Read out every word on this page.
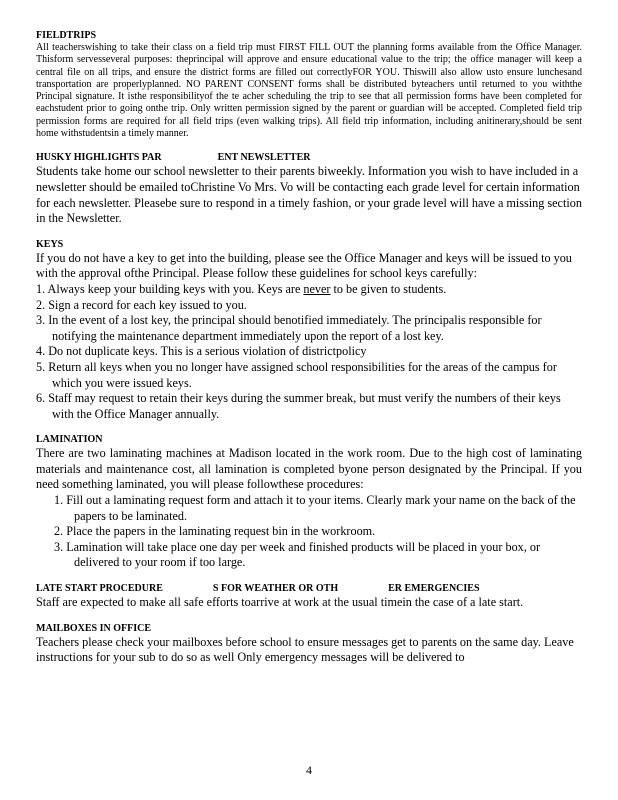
FIELDTRIPS

All teacherswishing to take their class on a field trip must FIRST FILL OUT the planning forms available from the Office Manager. Thisform servesseveral purposes: theprincipal will approve and ensure educational value to the trip; the office manager will keep a central file on all trips, and ensure the district forms are filled out correctlyFOR YOU. Thiswill also allow usto ensure lunchesand transportation are properlyplanned. NO PARENT CONSENT forms shall be distributed byteachers until returned to you withthe Principal signature. It isthe responsibilityof the te acher scheduling the trip to see that all permission forms have been completed for eachstudent prior to going onthe trip. Only written permission signed by the parent or guardian will be accepted. Completed field trip permission forms are required for all field trips (even walking trips). All field trip information, including anitinerary,should be sent home withstudentsin a timely manner.

HUSKY HIGHLIGHTS PAR	ENT NEWSLETTER

Students take home our school newsletter to their parents biweekly. Information you wish to have included in a newsletter should be emailed toChristine Vo Mrs. Vo will be contacting each grade level for certain information for each newsletter. Pleasebe sure to respond in a timely fashion, or your grade level will have a missing section in the Newsletter.

KEYS

If you do not have a key to get into the building, please see the Office Manager and keys will be issued to you with the approval ofthe Principal. Please follow these guidelines for school keys carefully:

1. Always keep your building keys with you. Keys are never to be given to students.

2. Sign a record for each key issued to you.

3. In the event of a lost key, the principal should benotified immediately. The principalis responsible for notifying the maintenance department immediately upon the report of a lost key.

4. Do not duplicate keys. This is a serious violation of districtpolicy

5. Return all keys when you no longer have assigned school responsibilities for the areas of the campus for which you were issued keys.

6. Staff may request to retain their keys during the summer break, but must verify the numbers of their keys with the Office Manager annually.

LAMINATION

There are two laminating machines at Madison located in the work room. Due to the high cost of laminating materials and maintenance cost, all lamination is completed byone person designated by the Principal. If you need something laminated, you will please followthese procedures:

1. Fill out a laminating request form and attach it to your items. Clearly mark your name on the back of the papers to be laminated.

2. Place the papers in the laminating request bin in the workroom.

3. Lamination will take place one day per week and finished products will be placed in your box, or delivered to your room if too large.

LATE START PROCEDURE	S FOR WEATHER OR OTH	ER EMERGENCIES

Staff are expected to make all safe efforts toarrive at work at the usual timein the case of a late start.

MAILBOXES IN OFFICE

Teachers please check your mailboxes before school to ensure messages get to parents on the same day. Leave instructions for your sub to do so as well Only emergency messages will be delivered to

4
